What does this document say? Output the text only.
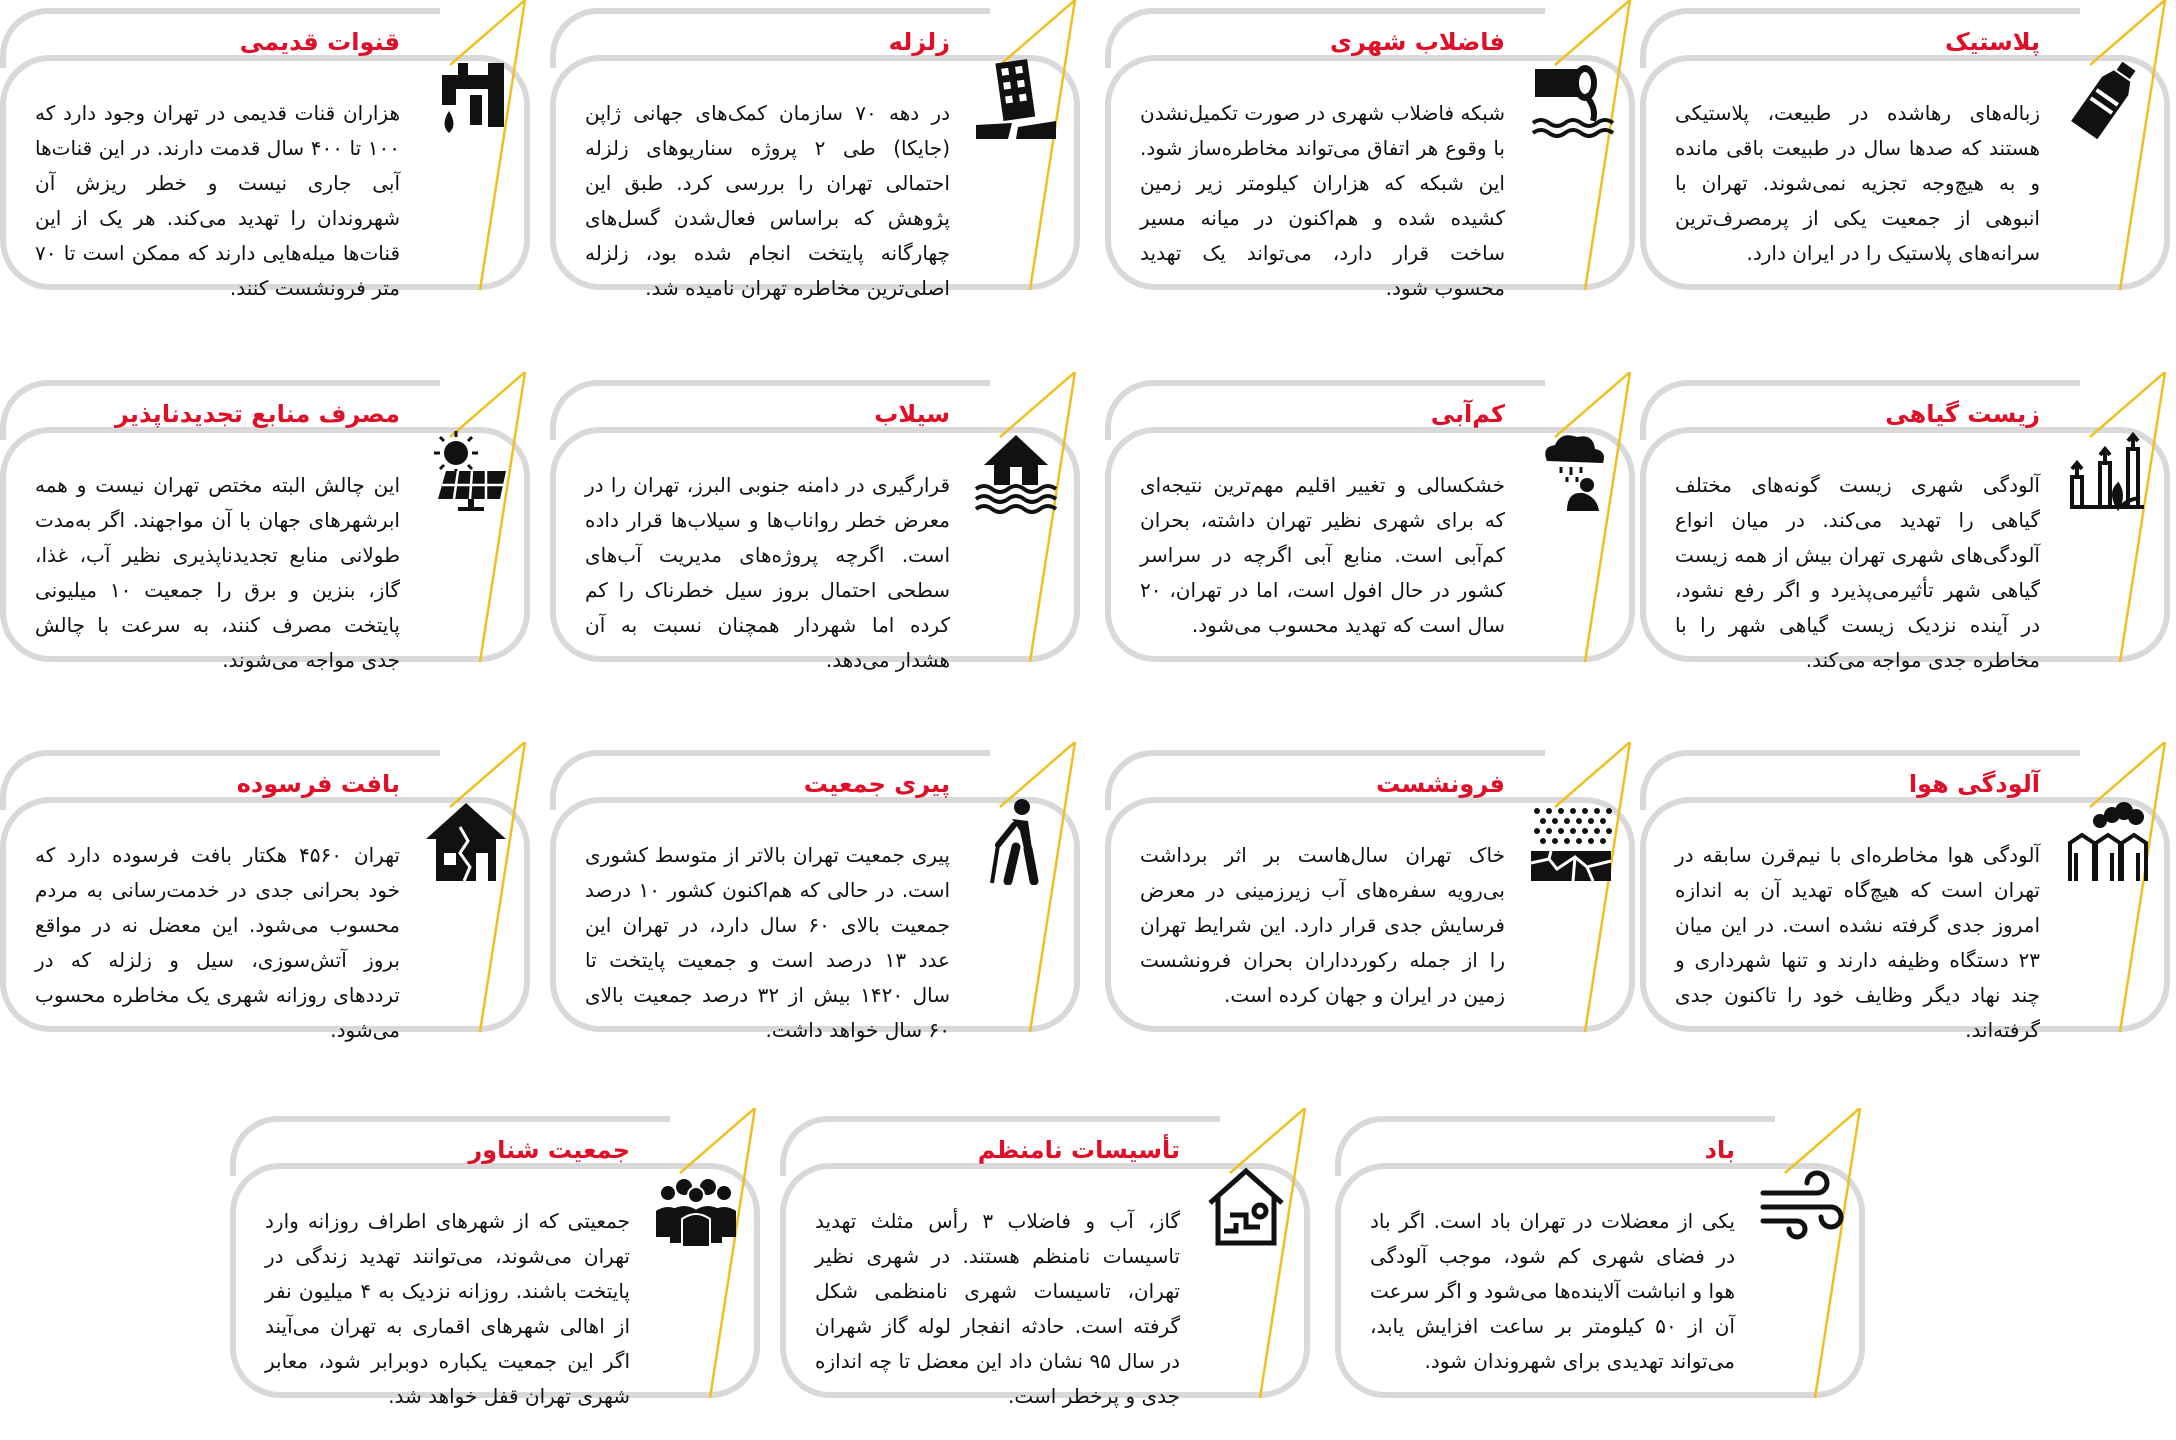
پلاستیک
زباله‌های رهاشده در طبیعت، پلاستیکی هستند که صدها سال در طبیعت باقی مانده و به هیچ‌وجه تجزیه نمی‌شوند. تهران با انبوهی از جمعیت یکی از پرمصرف‌ترین سرانه‌های پلاستیک را در ایران دارد.
فاضلاب شهری
شبکه فاضلاب شهری در صورت تکمیل‌نشدن با وقوع هر اتفاق می‌تواند مخاطره‌ساز شود. این شبکه که هزاران کیلومتر زیر زمین کشیده شده و هم‌اکنون در میانه مسیر ساخت قرار دارد، می‌تواند یک تهدید محسوب شود.
زلزله
در دهه ۷۰ سازمان کمک‌های جهانی ژاپن (جایکا) طی ۲ پروژه سناریوهای زلزله احتمالی تهران را بررسی کرد. طبق این پژوهش که براساس فعال‌شدن گسل‌های چهارگانه پایتخت انجام شده بود، زلزله اصلی‌ترین مخاطره تهران نامیده شد.
قنوات قدیمی
هزاران قنات قدیمی در تهران وجود دارد که ۱۰۰ تا ۴۰۰ سال قدمت دارند. در این قنات‌ها آبی جاری نیست و خطر ریزش آن شهروندان را تهدید می‌کند. هر یک از این قنات‌ها میله‌هایی دارند که ممکن است تا ۷۰ متر فرونشست کنند.
زیست گیاهی
آلودگی شهری زیست گونه‌های مختلف گیاهی را تهدید می‌کند. در میان انواع آلودگی‌های شهری تهران بیش از همه زیست گیاهی شهر تأثیرمی‌پذیرد و اگر رفع نشود، در آینده نزدیک زیست گیاهی شهر را با مخاطره جدی مواجه می‌کند.
کم‌آبی
خشکسالی و تغییر اقلیم مهم‌ترین نتیجه‌ای که برای شهری نظیر تهران داشته، بحران کم‌آبی است. منابع آبی اگرچه در سراسر کشور در حال افول است، اما در تهران، ۲۰ سال است که تهدید محسوب می‌شود.
سیلاب
قرارگیری در دامنه جنوبی البرز، تهران را در معرض خطر رواناب‌ها و سیلاب‌ها قرار داده است. اگرچه پروژه‌های مدیریت آب‌های سطحی احتمال بروز سیل خطرناک را کم کرده اما شهردار همچنان نسبت به آن هشدار می‌دهد.
مصرف منابع تجدیدناپذیر
این چالش البته مختص تهران نیست و همه ابرشهرهای جهان با آن مواجهند. اگر به‌مدت طولانی منابع تجدیدناپذیری نظیر آب، غذا، گاز، بنزین و برق را جمعیت ۱۰ میلیونی پایتخت مصرف کنند، به سرعت با چالش جدی مواجه می‌شوند.
آلودگی هوا
آلودگی هوا مخاطره‌ای با نیم‌قرن سابقه در تهران است که هیچ‌گاه تهدید آن به اندازه امروز جدی گرفته نشده است. در این میان ۲۳ دستگاه وظیفه دارند و تنها شهرداری و چند نهاد دیگر وظایف خود را تاکنون جدی گرفته‌اند.
فرونشست
خاک تهران سال‌هاست بر اثر برداشت بی‌رویه سفره‌های آب زیرزمینی در معرض فرسایش جدی قرار دارد. این شرایط تهران را از جمله رکورد‌داران بحران فرونشست زمین در ایران و جهان کرده است.
پیری جمعیت
پیری جمعیت تهران بالاتر از متوسط کشوری است. در حالی که هم‌اکنون کشور ۱۰ درصد جمعیت بالای ۶۰ سال دارد، در تهران این عدد ۱۳ درصد است و جمعیت پایتخت تا سال ۱۴۲۰ بیش از ۳۲ درصد جمعیت بالای ۶۰ سال خواهد داشت.
بافت فرسوده
تهران ۴۵۶۰ هکتار بافت فرسوده دارد که خود بحرانی جدی در خدمت‌رسانی به مردم محسوب می‌شود. این معضل نه در مواقع بروز آتش‌سوزی، سیل و زلزله که در ترددهای روزانه شهری یک مخاطره محسوب می‌شود.
باد
یکی از معضلات در تهران باد است. اگر باد در فضای شهری کم شود، موجب آلودگی هوا و انباشت آلاینده‌ها می‌شود و اگر سرعت آن از ۵۰ کیلومتر بر ساعت افزایش یابد، می‌تواند تهدیدی برای شهروندان شود.
تأسیسات نامنظم
گاز، آب و فاضلاب ۳ رأس مثلث تهدید تاسیسات نامنظم هستند. در شهری نظیر تهران، تاسیسات شهری نامنظمی شکل گرفته است. حادثه انفجار لوله گاز شهران در سال ۹۵ نشان داد این معضل تا چه اندازه جدی و پرخطر است.
جمعیت شناور
جمعیتی که از شهرهای اطراف روزانه وارد تهران می‌شوند، می‌توانند تهدید زندگی در پایتخت باشند. روزانه نزدیک به ۴ میلیون نفر از اهالی شهرهای اقماری به تهران می‌آیند اگر این جمعیت یکباره دوبرابر شود، معابر شهری تهران قفل خواهد شد.
